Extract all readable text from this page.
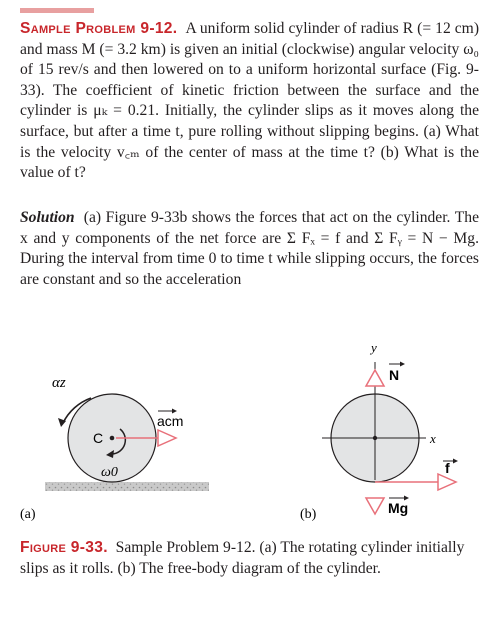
Sample Problem 9-12. A uniform solid cylinder of radius R (= 12 cm) and mass M (= 3.2 km) is given an initial (clockwise) angular velocity ω₀ of 15 rev/s and then lowered on to a uniform horizontal surface (Fig. 9-33). The coefficient of kinetic friction between the surface and the cylinder is μₖ = 0.21. Initially, the cylinder slips as it moves along the surface, but after a time t, pure rolling without slipping begins. (a) What is the velocity v꜀ₘ of the center of mass at the time t? (b) What is the value of t?

Solution (a) Figure 9-33b shows the forces that act on the cylinder. The x and y components of the net force are Σ Fₓ = f and Σ Fᵧ = N − Mg. During the interval from time 0 to time t while slipping occurs, the forces are constant and so the acceleration

αz
acm
C
ω0
(a)
y
x
N
f
Mg
(b)

Figure 9-33. Sample Problem 9-12. (a) The rotating cylinder initially slips as it rolls. (b) The free-body diagram of the cylinder.
